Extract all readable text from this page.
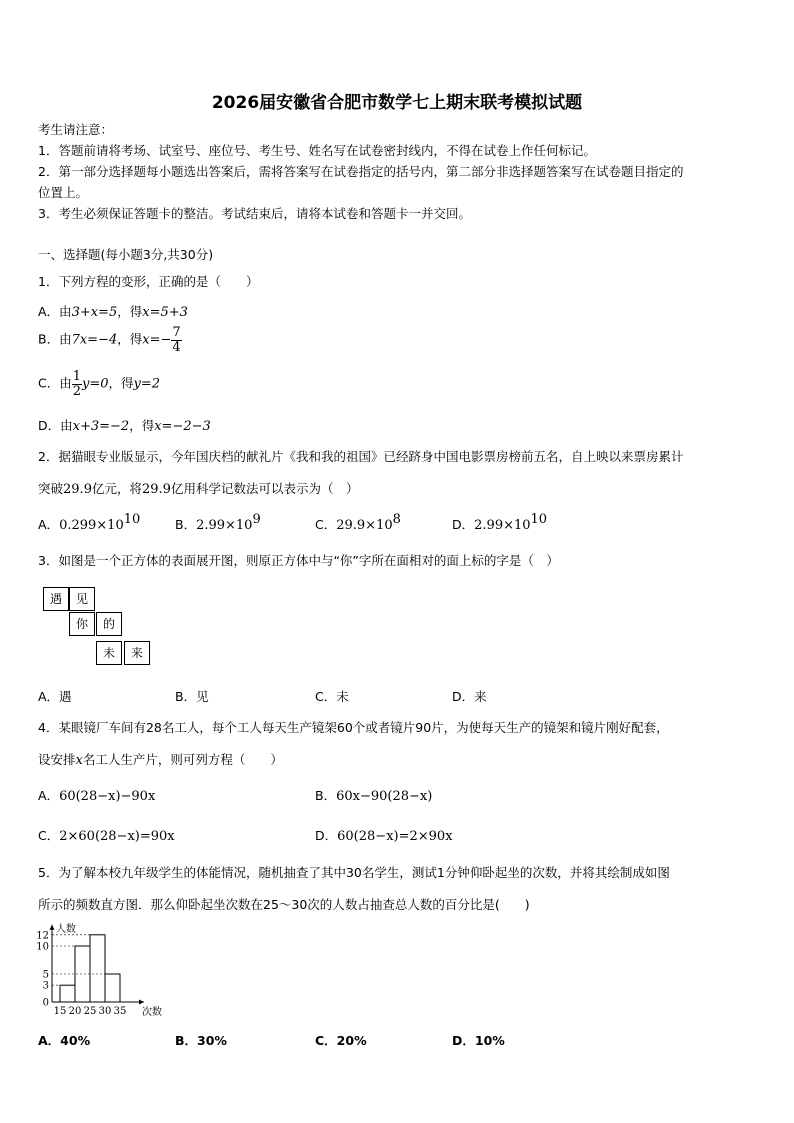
2026届安徽省合肥市数学七上期末联考模拟试题
考生请注意：
1．答题前请将考场、试室号、座位号、考生号、姓名写在试卷密封线内，不得在试卷上作任何标记。
2．第一部分选择题每小题选出答案后，需将答案写在试卷指定的括号内，第二部分非选择题答案写在试卷题目指定的
位置上。
3．考生必须保证答题卡的整洁。考试结束后，请将本试卷和答题卡一并交回。
一、选择题(每小题3分,共30分)
1．下列方程的变形，正确的是（　　）
A．由3+x=5，得x=5+3
B．由7x=−4，得$x=- \frac{7}{4}$
C．由 $\frac{1}{2} y=0$，得y=2
D．由x+3=−2，得x=−2−3
2．据猫眼专业版显示，今年国庆档的献礼片《我和我的祖国》已经跻身中国电影票房榜前五名，自上映以来票房累计
突破29.9亿元，将29.9亿用科学记数法可以表示为（　）
A．$0.299\times 10^{10}$	B．$2.99\times 10^9$	C．$29.9\times 10^8$	D．$2.99\times 10^{10}$
3．如图是一个正方体的表面展开图，则原正方体中与“你”字所在面相对的面上标的字是（　）
遇	见
你	的
未	来
A．遇	B．见	C．未	D．来
4．某眼镜厂车间有28名工人，每个工人每天生产镜架60个或者镜片90片，为使每天生产的镜架和镜片刚好配套，
设安排x名工人生产片，则可列方程（　　）
A．60(28−x)−90x	B．60x−90(28−x)
C．2×60(28−x)=90x	D．60(28−x)=2×90x
5．为了解本校九年级学生的体能情况，随机抽查了其中30名学生，测试1分钟仰卧起坐的次数，并将其绘制成如图
所示的频数直方图．那么仰卧起坐次数在25～30次的人数占抽查总人数的百分比是(　　)
0
3
5
10
12
15 20 25 30 35
人数
次数
A．40%	B．30%	C．20%	D．10%
